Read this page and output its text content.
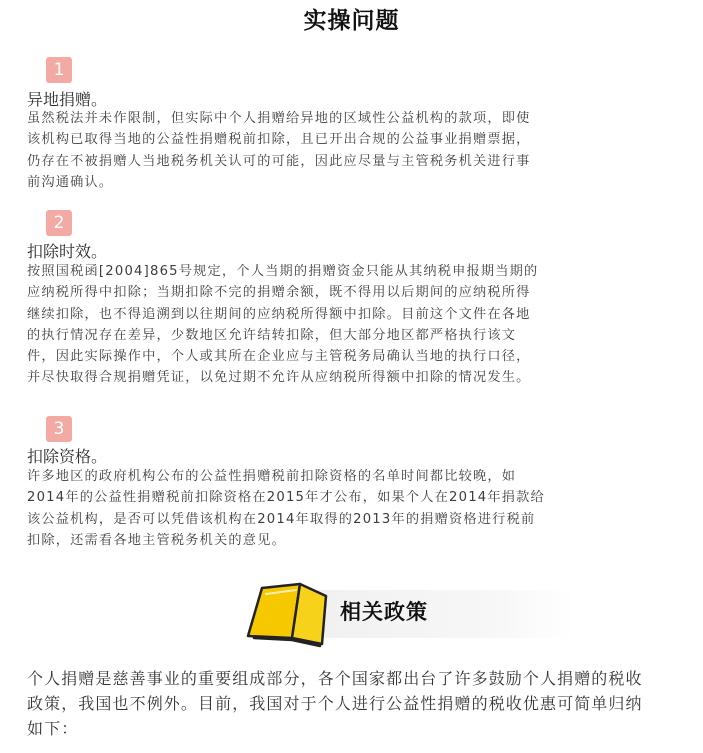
实操问题
1
异地捐赠。
虽然税法并未作限制，但实际中个人捐赠给异地的区域性公益机构的款项，即使
该机构已取得当地的公益性捐赠税前扣除，且已开出合规的公益事业捐赠票据，
仍存在不被捐赠人当地税务机关认可的可能，因此应尽量与主管税务机关进行事
前沟通确认。
2
扣除时效。
按照国税函[2004]865号规定，个人当期的捐赠资金只能从其纳税申报期当期的
应纳税所得中扣除；当期扣除不完的捐赠余额，既不得用以后期间的应纳税所得
继续扣除，也不得追溯到以往期间的应纳税所得额中扣除。目前这个文件在各地
的执行情况存在差异，少数地区允许结转扣除，但大部分地区都严格执行该文
件，因此实际操作中，个人或其所在企业应与主管税务局确认当地的执行口径，
并尽快取得合规捐赠凭证，以免过期不允许从应纳税所得额中扣除的情况发生。
3
扣除资格。
许多地区的政府机构公布的公益性捐赠税前扣除资格的名单时间都比较晚，如
2014年的公益性捐赠税前扣除资格在2015年才公布，如果个人在2014年捐款给
该公益机构，是否可以凭借该机构在2014年取得的2013年的捐赠资格进行税前
扣除，还需看各地主管税务机关的意见。
相关政策
个人捐赠是慈善事业的重要组成部分，各个国家都出台了许多鼓励个人捐赠的税收
政策，我国也不例外。目前，我国对于个人进行公益性捐赠的税收优惠可简单归纳
如下：
